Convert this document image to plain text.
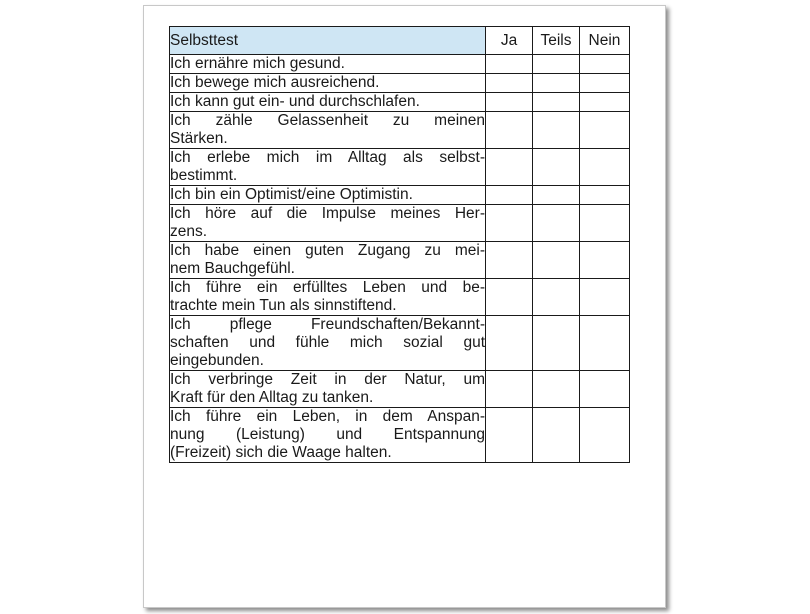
Selbsttest	Ja	Teils	Nein

Ich ernähre mich gesund.			

Ich bewege mich ausreichend.			

Ich kann gut ein- und durchschlafen.			

Ich zähle Gelassenheit zu meinen
Stärken.			

Ich erlebe mich im Alltag als selbst-
bestimmt.			

Ich bin ein Optimist/eine Optimistin.			

Ich höre auf die Impulse meines Her-
zens.			

Ich habe einen guten Zugang zu mei-
nem Bauchgefühl.			

Ich führe ein erfülltes Leben und be-
trachte mein Tun als sinnstiftend.			

Ich pflege Freundschaften/Bekannt-
schaften und fühle mich sozial gut
eingebunden.			

Ich verbringe Zeit in der Natur, um
Kraft für den Alltag zu tanken.			

Ich führe ein Leben, in dem Anspan-
nung (Leistung) und Entspannung
(Freizeit) sich die Waage halten.			
